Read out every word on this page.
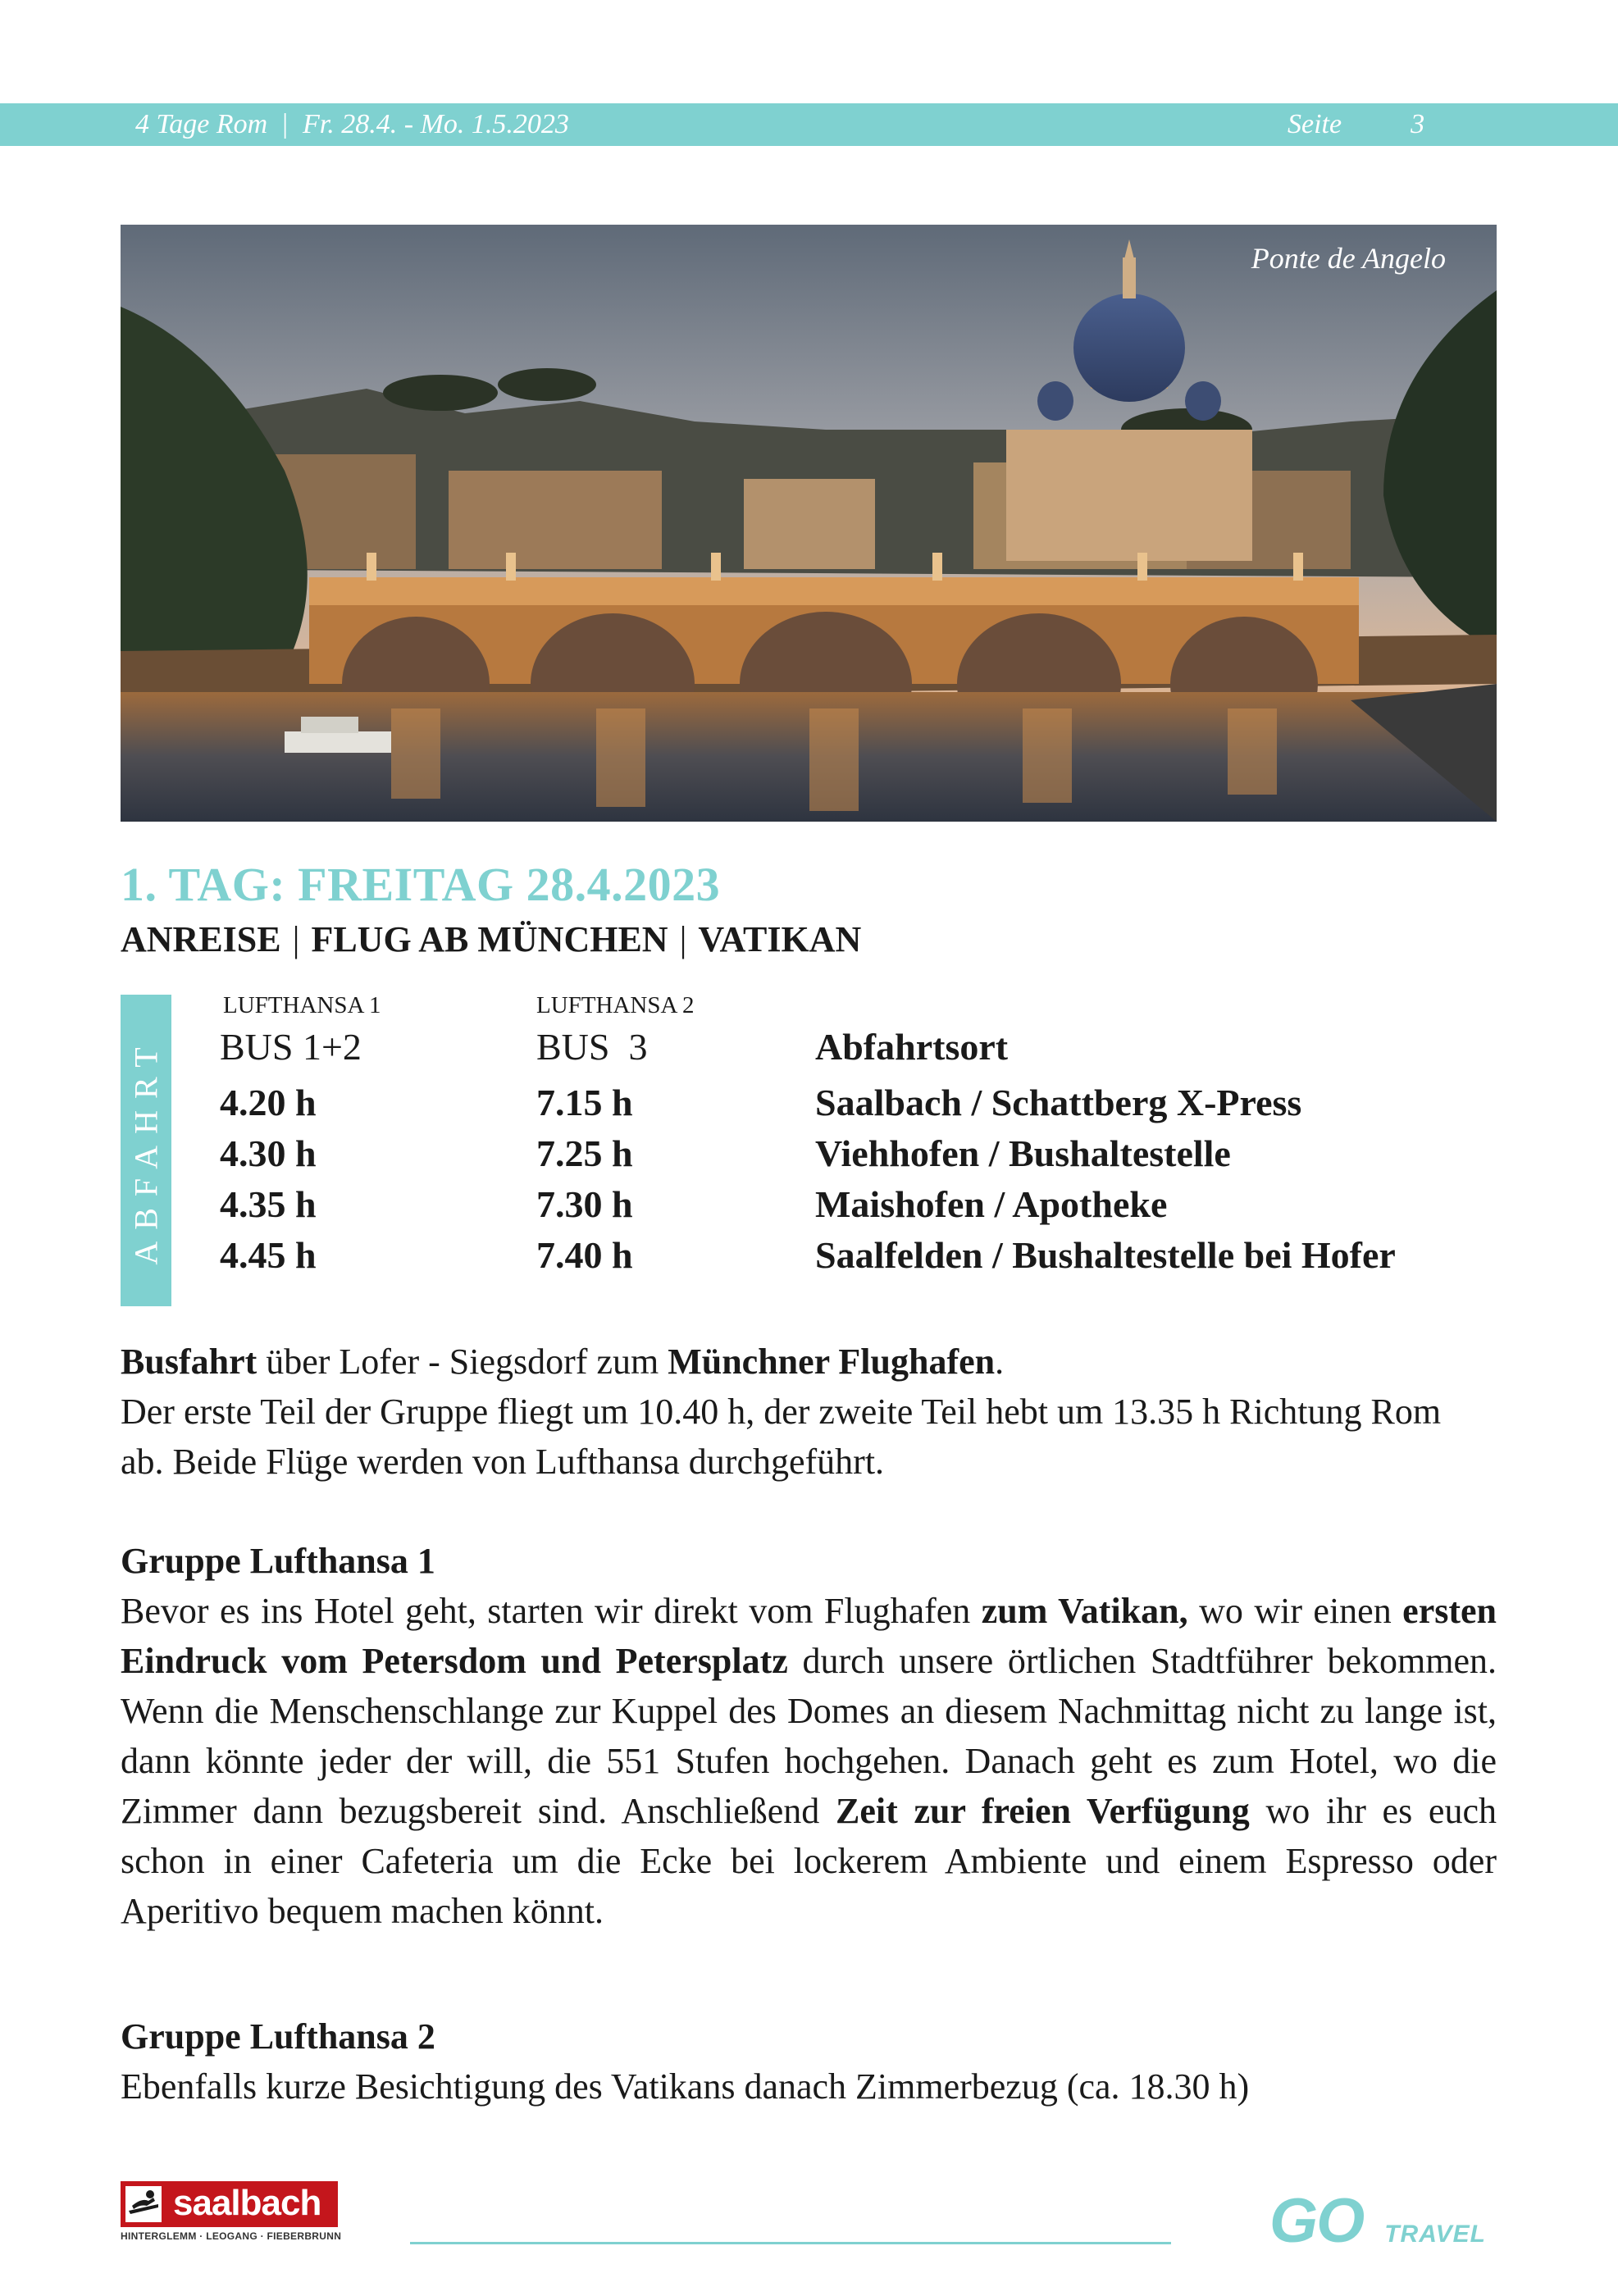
4 Tage Rom | Fr. 28.4. - Mo. 1.5.2023	Seite 3
Ponte de Angelo
1. TAG: FREITAG 28.4.2023
ANREISE | FLUG AB MÜNCHEN | VATIKAN
ABFAHRT
LUFTHANSA 1	LUFTHANSA 2
BUS 1+2	BUS  3	Abfahrtsort
4.20 h	7.15 h	Saalbach / Schattberg X-Press
4.30 h	7.25 h	Viehhofen / Bushaltestelle
4.35 h	7.30 h	Maishofen / Apotheke
4.45 h	7.40 h	Saalfelden / Bushaltestelle bei Hofer

Busfahrt über Lofer - Siegsdorf zum Münchner Flughafen.

Der erste Teil der Gruppe fliegt um 10.40 h, der zweite Teil hebt um 13.35 h Richtung Rom ab. Beide Flüge werden von Lufthansa durchgeführt.

Gruppe Lufthansa 1

Bevor es ins Hotel geht, starten wir direkt vom Flughafen zum Vatikan, wo wir einen ersten Eindruck vom Petersdom und Petersplatz durch unsere örtlichen Stadtführer bekommen. Wenn die Menschenschlange zur Kuppel des Domes an diesem Nachmittag nicht zu lange ist, dann könnte jeder der will, die 551 Stufen hochgehen. Danach geht es zum Hotel, wo die Zimmer dann bezugsbereit sind. Anschließend Zeit zur freien Verfügung wo ihr es euch schon in einer Cafeteria um die Ecke bei lockerem Ambiente und einem Espresso oder Aperitivo bequem machen könnt.

Gruppe Lufthansa 2

Ebenfalls kurze Besichtigung des Vatikans danach Zimmerbezug (ca. 18.30 h)

saalbach
HINTERGLEMM · LEOGANG · FIEBERBRUNN	GO TRAVEL
